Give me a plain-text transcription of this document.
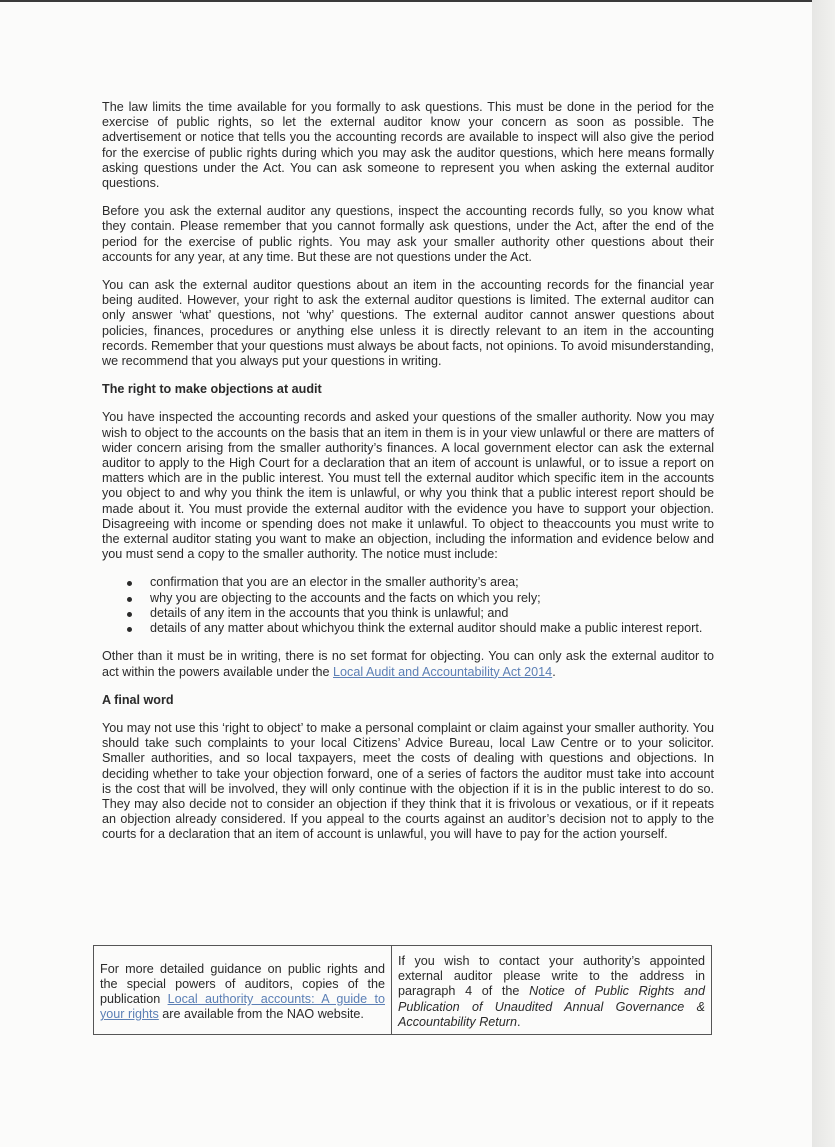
The law limits the time available for you formally to ask questions. This must be done in the period for the exercise of public rights, so let the external auditor know your concern as soon as possible. The advertisement or notice that tells you the accounting records are available to inspect will also give the period for the exercise of public rights during which you may ask the auditor questions, which here means formally asking questions under the Act. You can ask someone to represent you when asking the external auditor questions.

Before you ask the external auditor any questions, inspect the accounting records fully, so you know what they contain. Please remember that you cannot formally ask questions, under the Act, after the end of the period for the exercise of public rights. You may ask your smaller authority other questions about their accounts for any year, at any time. But these are not questions under the Act.

You can ask the external auditor questions about an item in the accounting records for the financial year being audited. However, your right to ask the external auditor questions is limited. The external auditor can only answer ‘what’ questions, not ‘why’ questions. The external auditor cannot answer questions about policies, finances, procedures or anything else unless it is directly relevant to an item in the accounting records. Remember that your questions must always be about facts, not opinions. To avoid misunderstanding, we recommend that you always put your questions in writing.

The right to make objections at audit

You have inspected the accounting records and asked your questions of the smaller authority. Now you may wish to object to the accounts on the basis that an item in them is in your view unlawful or there are matters of wider concern arising from the smaller authority’s finances. A local government elector can ask the external auditor to apply to the High Court for a declaration that an item of account is unlawful, or to issue a report on matters which are in the public interest. You must tell the external auditor which specific item in the accounts you object to and why you think the item is unlawful, or why you think that a public interest report should be made about it. You must provide the external auditor with the evidence you have to support your objection. Disagreeing with income or spending does not make it unlawful. To object to theaccounts you must write to the external auditor stating you want to make an objection, including the information and evidence below and you must send a copy to the smaller authority. The notice must include:

confirmation that you are an elector in the smaller authority’s area;
why you are objecting to the accounts and the facts on which you rely;
details of any item in the accounts that you think is unlawful; and
details of any matter about whichyou think the external auditor should make a public interest report.

Other than it must be in writing, there is no set format for objecting. You can only ask the external auditor to act within the powers available under the Local Audit and Accountability Act 2014.

A final word

You may not use this ‘right to object’ to make a personal complaint or claim against your smaller authority. You should take such complaints to your local Citizens’ Advice Bureau, local Law Centre or to your solicitor. Smaller authorities, and so local taxpayers, meet the costs of dealing with questions and objections. In deciding whether to take your objection forward, one of a series of factors the auditor must take into account is the cost that will be involved, they will only continue with the objection if it is in the public interest to do so. They may also decide not to consider an objection if they think that it is frivolous or vexatious, or if it repeats an objection already considered. If you appeal to the courts against an auditor’s decision not to apply to the courts for a declaration that an item of account is unlawful, you will have to pay for the action yourself.

For more detailed guidance on public rights and the special powers of auditors, copies of the publication Local authority accounts: A guide to your rights are available from the NAO website.	If you wish to contact your authority’s appointed external auditor please write to the address in paragraph 4 of the Notice of Public Rights and Publication of Unaudited Annual Governance & Accountability Return.
